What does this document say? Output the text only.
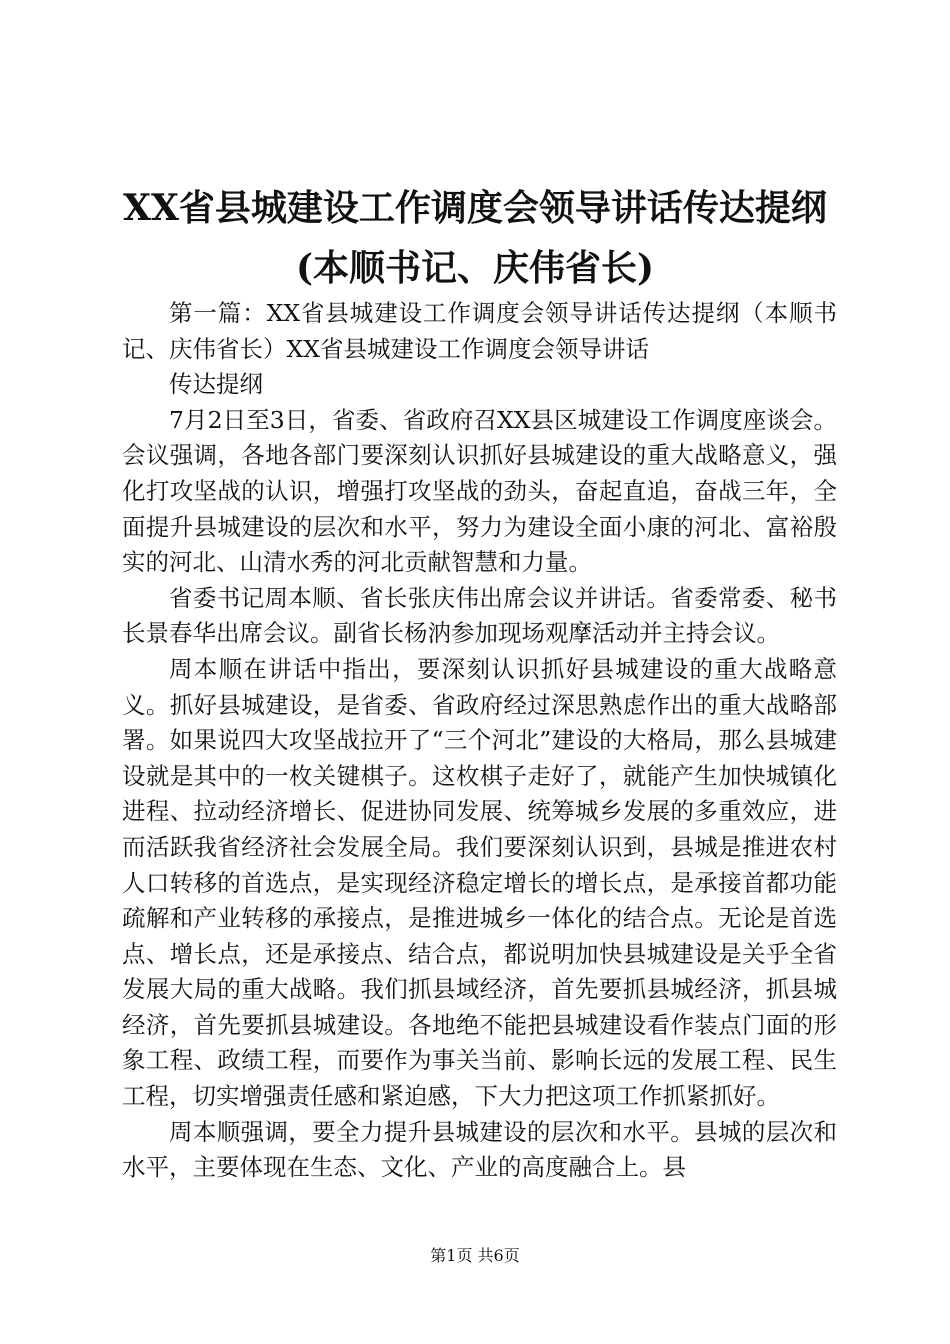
XX省县城建设工作调度会领导讲话传达提纲
(本顺书记、庆伟省长)

第一篇：XX省县城建设工作调度会领导讲话传达提纲（本顺书记、庆伟省长）XX省县城建设工作调度会领导讲话

传达提纲

7月2日至3日，省委、省政府召XX县区城建设工作调度座谈会。会议强调，各地各部门要深刻认识抓好县城建设的重大战略意义，强化打攻坚战的认识，增强打攻坚战的劲头，奋起直追，奋战三年，全面提升县城建设的层次和水平，努力为建设全面小康的河北、富裕殷实的河北、山清水秀的河北贡献智慧和力量。

省委书记周本顺、省长张庆伟出席会议并讲话。省委常委、秘书长景春华出席会议。副省长杨汭参加现场观摩活动并主持会议。

周本顺在讲话中指出，要深刻认识抓好县城建设的重大战略意义。抓好县城建设，是省委、省政府经过深思熟虑作出的重大战略部署。如果说四大攻坚战拉开了“三个河北”建设的大格局，那么县城建设就是其中的一枚关键棋子。这枚棋子走好了，就能产生加快城镇化进程、拉动经济增长、促进协同发展、统筹城乡发展的多重效应，进而活跃我省经济社会发展全局。我们要深刻认识到，县城是推进农村人口转移的首选点，是实现经济稳定增长的增长点，是承接首都功能疏解和产业转移的承接点，是推进城乡一体化的结合点。无论是首选点、增长点，还是承接点、结合点，都说明加快县城建设是关乎全省发展大局的重大战略。我们抓县域经济，首先要抓县城经济，抓县城经济，首先要抓县城建设。各地绝不能把县城建设看作装点门面的形象工程、政绩工程，而要作为事关当前、影响长远的发展工程、民生工程，切实增强责任感和紧迫感，下大力把这项工作抓紧抓好。

周本顺强调，要全力提升县城建设的层次和水平。县城的层次和水平，主要体现在生态、文化、产业的高度融合上。县

第1页 共6页
